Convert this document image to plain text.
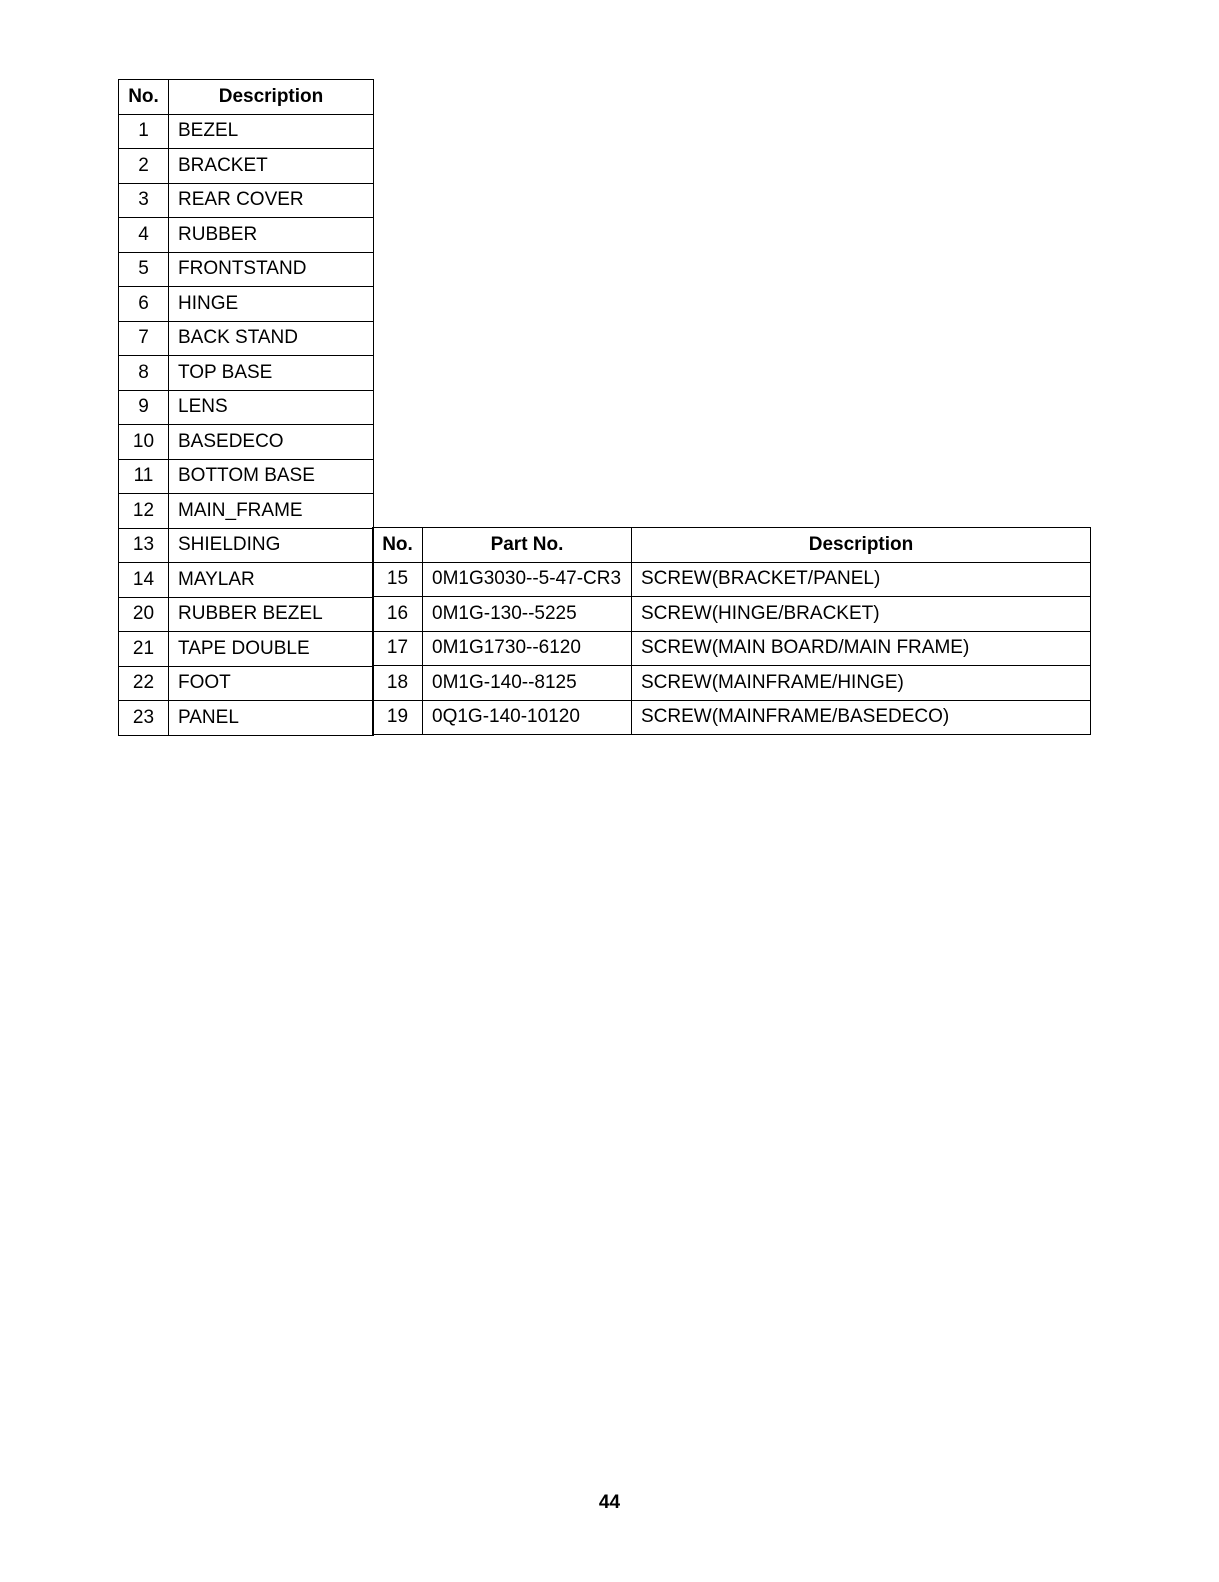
No.	Description
1	BEZEL
2	BRACKET
3	REAR COVER
4	RUBBER
5	FRONTSTAND
6	HINGE
7	BACK STAND
8	TOP BASE
9	LENS
10	BASEDECO
11	BOTTOM BASE
12	MAIN_FRAME
13	SHIELDING
14	MAYLAR
20	RUBBER BEZEL
21	TAPE DOUBLE
22	FOOT
23	PANEL
No.	Part No.	Description
15	0M1G3030--5-47-CR3	SCREW(BRACKET/PANEL)
16	0M1G-130--5225	SCREW(HINGE/BRACKET)
17	0M1G1730--6120	SCREW(MAIN BOARD/MAIN FRAME)
18	0M1G-140--8125	SCREW(MAINFRAME/HINGE)
19	0Q1G-140-10120	SCREW(MAINFRAME/BASEDECO)
44
